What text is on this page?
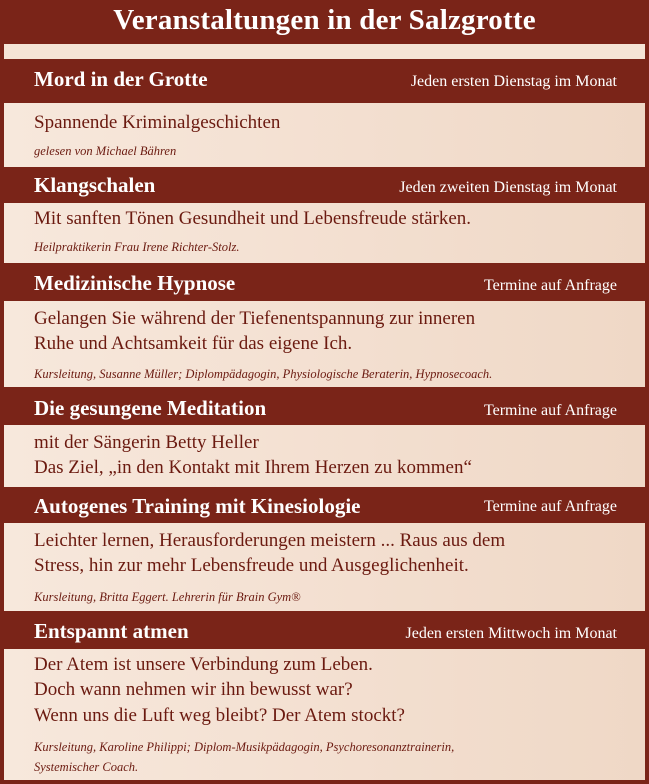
Veranstaltungen in der Salzgrotte
Mord in der Grotte	Jeden ersten Dienstag im Monat
Spannende Kriminalgeschichten
gelesen von Michael Bähren
Klangschalen	Jeden zweiten Dienstag im Monat
Mit sanften Tönen Gesundheit und Lebensfreude stärken.
Heilpraktikerin Frau Irene Richter-Stolz.
Medizinische Hypnose	Termine auf Anfrage
Gelangen Sie während der Tiefenentspannung zur inneren
Ruhe und Achtsamkeit für das eigene Ich.
Kursleitung, Susanne Müller; Diplompädagogin, Physiologische Beraterin, Hypnosecoach.
Die gesungene Meditation	Termine auf Anfrage
mit der Sängerin Betty Heller
Das Ziel, „in den Kontakt mit Ihrem Herzen zu kommen“
Autogenes Training mit Kinesiologie	Termine auf Anfrage
Leichter lernen, Herausforderungen meistern ... Raus aus dem
Stress, hin zur mehr Lebensfreude und Ausgeglichenheit.
Kursleitung, Britta Eggert. Lehrerin für Brain Gym®
Entspannt atmen	Jeden ersten Mittwoch im Monat
Der Atem ist unsere Verbindung zum Leben.
Doch wann nehmen wir ihn bewusst war?
Wenn uns die Luft weg bleibt? Der Atem stockt?
Kursleitung, Karoline Philippi; Diplom-Musikpädagogin, Psychoresonanztrainerin,
Systemischer Coach.
